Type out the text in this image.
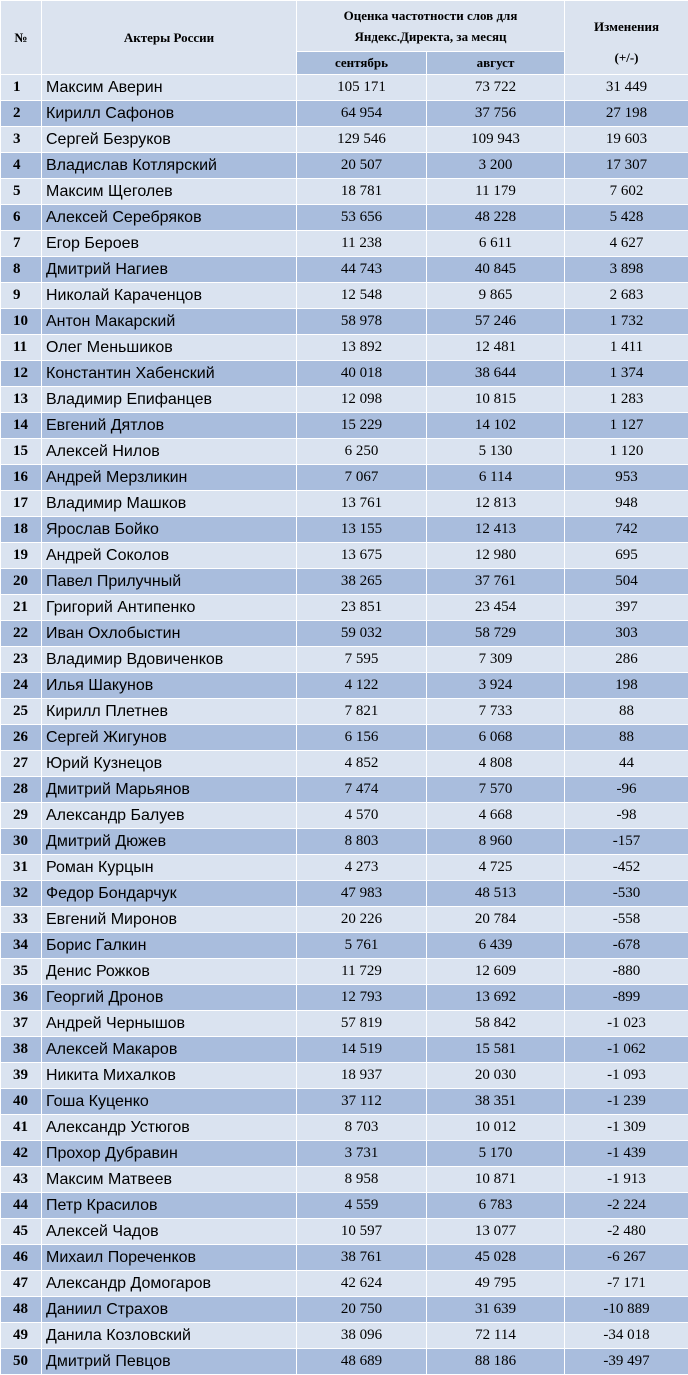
№	Актеры России	Оценка частотности слов для Яндекс.Директа, за месяц		Изменения
(+/-)

		сентябрь	август	
1	Максим Аверин	105 171	73 722	31 449
2	Кирилл Сафонов	64 954	37 756	27 198
3	Сергей Безруков	129 546	109 943	19 603
4	Владислав Котлярский	20 507	3 200	17 307
5	Максим Щеголев	18 781	11 179	7 602
6	Алексей Серебряков	53 656	48 228	5 428
7	Егор Бероев	11 238	6 611	4 627
8	Дмитрий Нагиев	44 743	40 845	3 898
9	Николай Караченцов	12 548	9 865	2 683
10	Антон Макарский	58 978	57 246	1 732
11	Олег Меньшиков	13 892	12 481	1 411
12	Константин Хабенский	40 018	38 644	1 374
13	Владимир Епифанцев	12 098	10 815	1 283
14	Евгений Дятлов	15 229	14 102	1 127
15	Алексей Нилов	6 250	5 130	1 120
16	Андрей Мерзликин	7 067	6 114	953
17	Владимир Машков	13 761	12 813	948
18	Ярослав Бойко	13 155	12 413	742
19	Андрей Соколов	13 675	12 980	695
20	Павел Прилучный	38 265	37 761	504
21	Григорий Антипенко	23 851	23 454	397
22	Иван Охлобыстин	59 032	58 729	303
23	Владимир Вдовиченков	7 595	7 309	286
24	Илья Шакунов	4 122	3 924	198
25	Кирилл Плетнев	7 821	7 733	88
26	Сергей Жигунов	6 156	6 068	88
27	Юрий Кузнецов	4 852	4 808	44
28	Дмитрий Марьянов	7 474	7 570	-96
29	Александр Балуев	4 570	4 668	-98
30	Дмитрий Дюжев	8 803	8 960	-157
31	Роман Курцын	4 273	4 725	-452
32	Федор Бондарчук	47 983	48 513	-530
33	Евгений Миронов	20 226	20 784	-558
34	Борис Галкин	5 761	6 439	-678
35	Денис Рожков	11 729	12 609	-880
36	Георгий Дронов	12 793	13 692	-899
37	Андрей Чернышов	57 819	58 842	-1 023
38	Алексей Макаров	14 519	15 581	-1 062
39	Никита Михалков	18 937	20 030	-1 093
40	Гоша Куценко	37 112	38 351	-1 239
41	Александр Устюгов	8 703	10 012	-1 309
42	Прохор Дубравин	3 731	5 170	-1 439
43	Максим Матвеев	8 958	10 871	-1 913
44	Петр Красилов	4 559	6 783	-2 224
45	Алексей Чадов	10 597	13 077	-2 480
46	Михаил Пореченков	38 761	45 028	-6 267
47	Александр Домогаров	42 624	49 795	-7 171
48	Даниил Страхов	20 750	31 639	-10 889
49	Данила Козловский	38 096	72 114	-34 018
50	Дмитрий Певцов	48 689	88 186	-39 497
